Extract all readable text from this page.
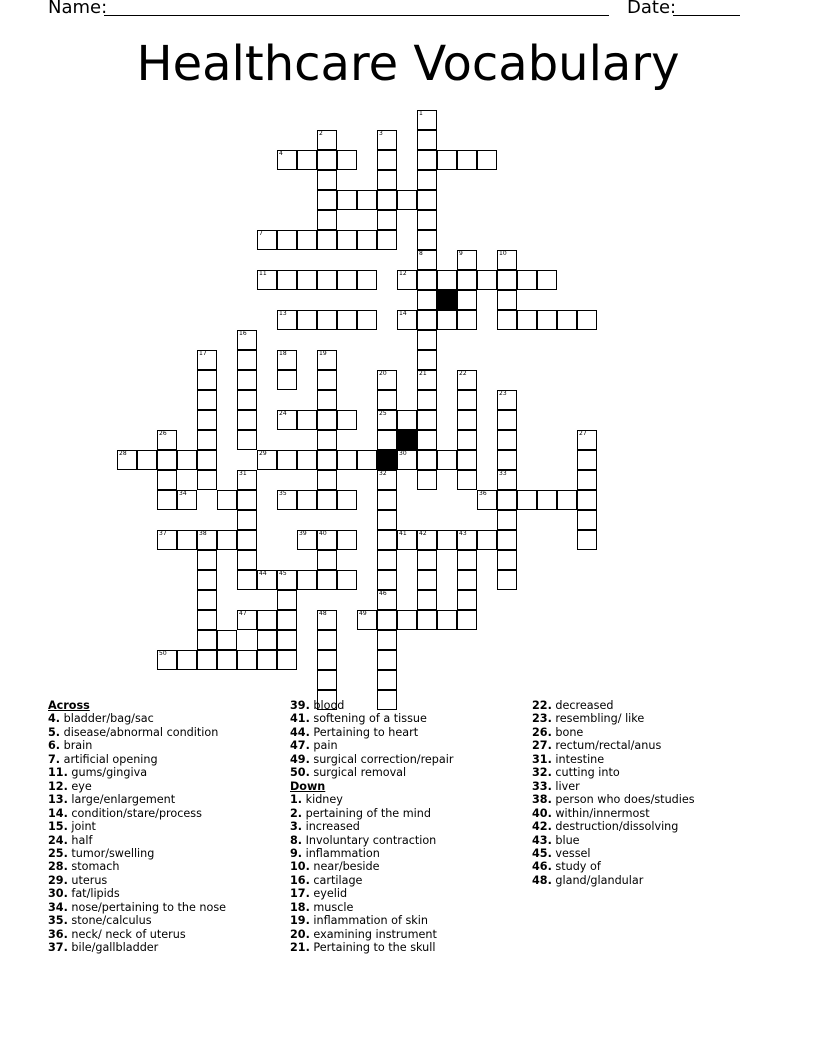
Name:	Date:
Healthcare Vocabulary
1
2	3
4
7
8	9	10
11	12
13	14
16
17	18	19
20	21	22
23
24	25
26	27
28	29	30
31	32	33
34	35	36
37	38	39 40	41 42	43
44 45
46
47	48	49
50
Across
4. bladder/bag/sac
5. disease/abnormal condition
6. brain
7. artificial opening
11. gums/gingiva
12. eye
13. large/enlargement
14. condition/stare/process
15. joint
24. half
25. tumor/swelling
28. stomach
29. uterus
30. fat/lipids
34. nose/pertaining to the nose
35. stone/calculus
36. neck/ neck of uterus
37. bile/gallbladder
39. blood
41. softening of a tissue
44. Pertaining to heart
47. pain
49. surgical correction/repair
50. surgical removal
Down
1. kidney
2. pertaining of the mind
3. increased
8. Involuntary contraction
9. inflammation
10. near/beside
16. cartilage
17. eyelid
18. muscle
19. inflammation of skin
20. examining instrument
21. Pertaining to the skull
22. decreased
23. resembling/ like
26. bone
27. rectum/rectal/anus
31. intestine
32. cutting into
33. liver
38. person who does/studies
40. within/innermost
42. destruction/dissolving
43. blue
45. vessel
46. study of
48. gland/glandular
